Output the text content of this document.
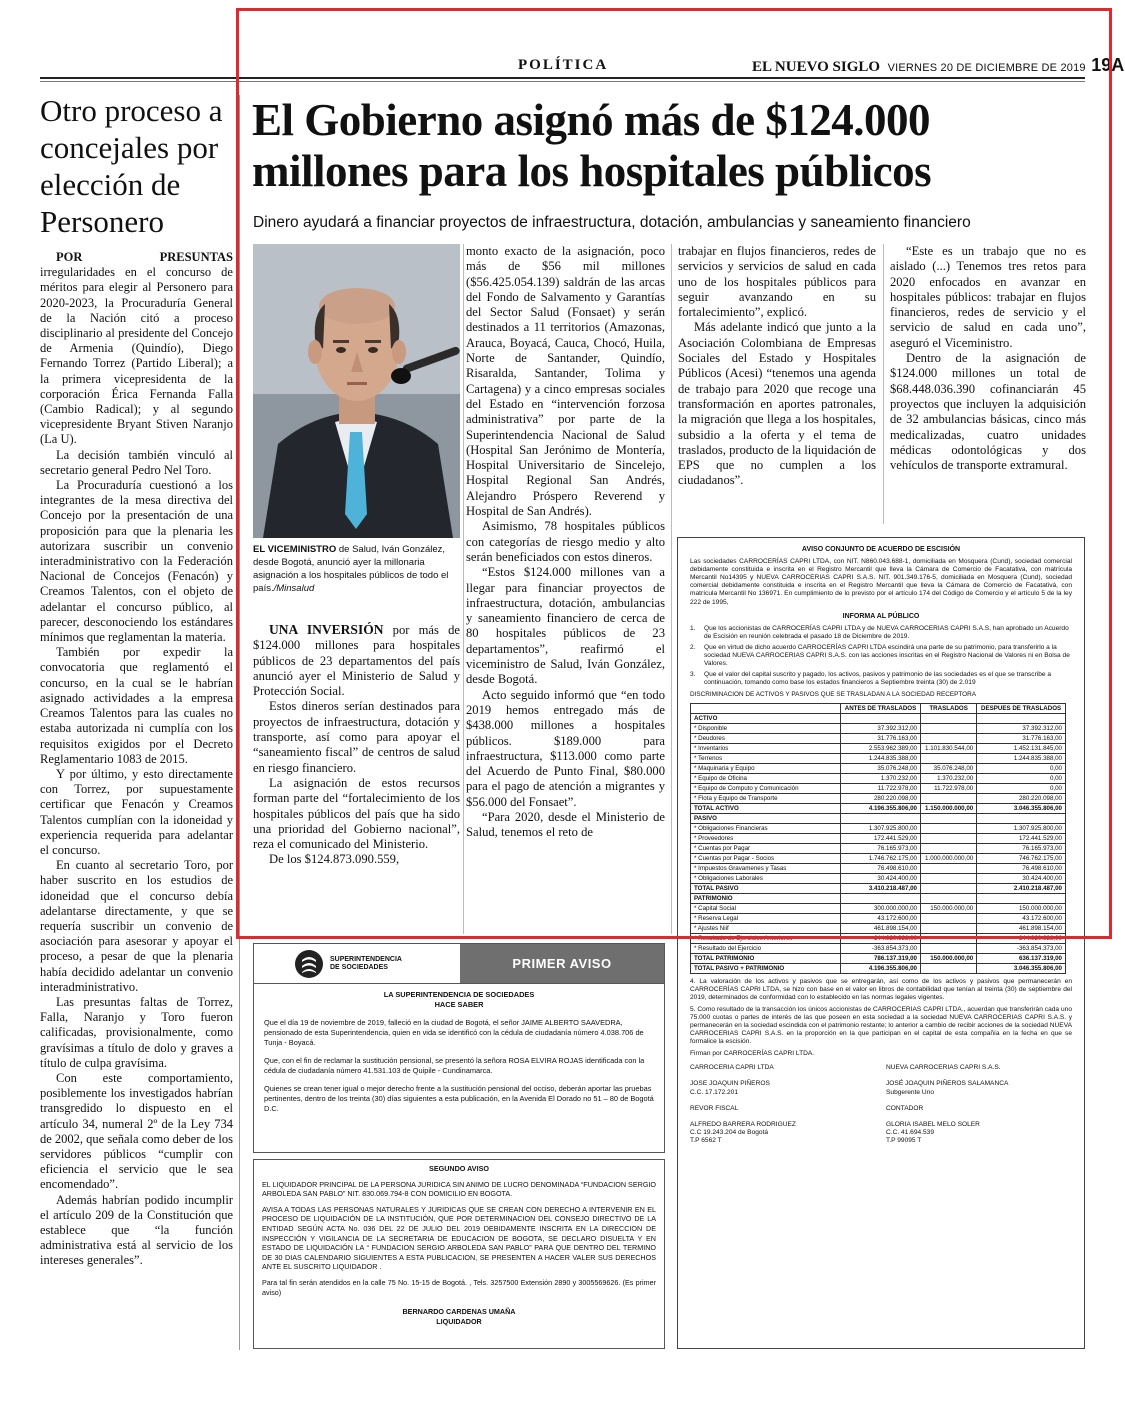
POLÍTICA	EL NUEVO SIGLO VIERNES 20 DE DICIEMBRE DE 2019 19A
Otro proceso a concejales por elección de Personero

POR PRESUNTAS irregularidades en el concurso de méritos para elegir al Personero para 2020-2023, la Procuraduría General de la Nación citó a proceso disciplinario al presidente del Concejo de Armenia (Quindío), Diego Fernando Torrez (Partido Liberal); a la primera vicepresidenta de la corporación Érica Fernanda Falla (Cambio Radical); y al segundo vicepresidente Bryant Stiven Naranjo (La U).

La decisión también vinculó al secretario general Pedro Nel Toro.

La Procuraduría cuestionó a los integrantes de la mesa directiva del Concejo por la presentación de una proposición para que la plenaria les autorizara suscribir un convenio interadministrativo con la Federación Nacional de Concejos (Fenacón) y Creamos Talentos, con el objeto de adelantar el concurso público, al parecer, desconociendo los estándares mínimos que reglamentan la materia.

También por expedir la convocatoria que reglamentó el concurso, en la cual se le habrían asignado actividades a la empresa Creamos Talentos para las cuales no estaba autorizada ni cumplía con los requisitos exigidos por el Decreto Reglamentario 1083 de 2015.

Y por último, y esto directamente con Torrez, por supuestamente certificar que Fenacón y Creamos Talentos cumplían con la idoneidad y experiencia requerida para adelantar el concurso.

En cuanto al secretario Toro, por haber suscrito en los estudios de idoneidad que el concurso debía adelantarse directamente, y que se requería suscribir un convenio de asociación para asesorar y apoyar el proceso, a pesar de que la plenaria había decidido adelantar un convenio interadministrativo.

Las presuntas faltas de Torrez, Falla, Naranjo y Toro fueron calificadas, provisionalmente, como gravísimas a título de dolo y graves a título de culpa gravísima.

Con este comportamiento, posiblemente los investigados habrían transgredido lo dispuesto en el artículo 34, numeral 2º de la Ley 734 de 2002, que señala como deber de los servidores públicos “cumplir con eficiencia el servicio que le sea encomendado”.

Además habrían podido incumplir el artículo 209 de la Constitución que establece que “la función administrativa está al servicio de los intereses generales”.

El Gobierno asignó más de $124.000 millones para los hospitales públicos
Dinero ayudará a financiar proyectos de infraestructura, dotación, ambulancias y saneamiento financiero
EL VICEMINISTRO de Salud, Iván González, desde Bogotá, anunció ayer la millonaria asignación a los hospitales públicos de todo el país./Minsalud

UNA INVERSIÓN por más de $124.000 millones para hospitales públicos de 23 departamentos del país anunció ayer el Ministerio de Salud y Protección Social.

Estos dineros serían destinados para proyectos de infraestructura, dotación y transporte, así como para apoyar el “saneamiento fiscal” de centros de salud en riesgo financiero.

La asignación de estos recursos forman parte del “fortalecimiento de los hospitales públicos del país que ha sido una prioridad del Gobierno nacional”, reza el comunicado del Ministerio.

De los $124.873.090.559,

monto exacto de la asignación, poco más de $56 mil millones ($56.425.054.139) saldrán de las arcas del Fondo de Salvamento y Garantías del Sector Salud (Fonsaet) y serán destinados a 11 territorios (Amazonas, Arauca, Boyacá, Cauca, Chocó, Huila, Norte de Santander, Quindío, Risaralda, Santander, Tolima y Cartagena) y a cinco empresas sociales del Estado en “intervención forzosa administrativa” por parte de la Superintendencia Nacional de Salud (Hospital San Jerónimo de Montería, Hospital Universitario de Sincelejo, Hospital Regional San Andrés, Alejandro Próspero Reverend y Hospital de San Andrés).

Asimismo, 78 hospitales públicos con categorías de riesgo medio y alto serán beneficiados con estos dineros.

“Estos $124.000 millones van a llegar para financiar proyectos de infraestructura, dotación, ambulancias y saneamiento financiero de cerca de 80 hospitales públicos de 23 departamentos”, reafirmó el viceministro de Salud, Iván González, desde Bogotá.

Acto seguido informó que “en todo 2019 hemos entregado más de $438.000 millones a hospitales públicos. $189.000 para infraestructura, $113.000 como parte del Acuerdo de Punto Final, $80.000 para el pago de atención a migrantes y $56.000 del Fonsaet”.

“Para 2020, desde el Ministerio de Salud, tenemos el reto de

trabajar en flujos financieros, redes de servicios y servicios de salud en cada uno de los hospitales públicos para seguir avanzando en su fortalecimiento”, explicó.

Más adelante indicó que junto a la Asociación Colombiana de Empresas Sociales del Estado y Hospitales Públicos (Acesi) “tenemos una agenda de trabajo para 2020 que recoge una transformación en aportes patronales, la migración que llega a los hospitales, subsidio a la oferta y el tema de traslados, producto de la liquidación de EPS que no cumplen a los ciudadanos”.

“Este es un trabajo que no es aislado (...) Tenemos tres retos para 2020 enfocados en avanzar en hospitales públicos: trabajar en flujos financieros, redes de servicio y el servicio de salud en cada uno”, aseguró el Viceministro.

Dentro de la asignación de $124.000 millones un total de $68.448.036.390 cofinanciarán 45 proyectos que incluyen la adquisición de 32 ambulancias básicas, cinco más medicalizadas, cuatro unidades médicas odontológicas y dos vehículos de transporte extramural.

AVISO CONJUNTO DE ACUERDO DE ESCISIÓN
Las sociedades CARROCERÍAS CAPRI LTDA, con NIT. N860.043.688-1, domiciliada en Mosquera (Cund), sociedad comercial debidamente constituida e inscrita en el Registro Mercantil que lleva la Cámara de Comercio de Facatativa, con matrícula Mercantil No14395 y NUEVA CARROCERIAS CAPRI S.A.S. NIT. 901.349.176-5, domiciliada en Mosquera (Cund), sociedad comercial debidamente constituida e inscrita en el Registro Mercantil que lleva la Cámara de Comercio de Facatativá, con matrícula Mercantil No 136971. En cumplimiento de lo previsto por el artículo 174 del Código de Comercio y el artículo 5 de la ley 222 de 1995,
INFORMA AL PÚBLICO
1.	Que los accionistas de CARROCERÍAS CAPRI LTDA y de NUEVA CARROCERIAS CAPRI S.A.S, han aprobado un Acuerdo de Escisión en reunión celebrada el pasado 18 de Diciembre de 2019.
2.	Que en virtud de dicho acuerdo CARROCERÍAS CAPRI LTDA escindirá una parte de su patrimonio, para transferirlo a la sociedad NUEVA CARROCERIAS CAPRI S.A.S. con las acciones inscritas en el Registro Nacional de Valores ni en Bolsa de Valores.
3.	Que el valor del capital suscrito y pagado, los activos, pasivos y patrimonio de las sociedades es el que se transcribe a continuación, tomando como base los estados financieros a Septiembre treinta (30) de 2.019
DISCRIMINACION DE ACTIVOS Y PASIVOS QUE SE TRASLADAN A LA SOCIEDAD RECEPTORA
	ANTES DE TRASLADOS	TRASLADOS	DESPUES DE TRASLADOS
ACTIVO			
* Disponible	37.392.312,00		37.392.312,00
* Deudores	31.776.163,00		31.776.163,00
* Inventarios	2.553.962.389,00	1.101.830.544,00	1.452.131.845,00
* Terrenos	1.244.835.388,00		1.244.835.388,00
* Maquinaria y Equipo	35.076.248,00	35.076.248,00	0,00
* Equipo de Oficina	1.370.232,00	1.370.232,00	0,00
* Equipo de Computo y Comunicación	11.722.978,00	11.722.978,00	0,00
* Flota y Equipo de Transporte	280.220.098,00		280.220.098,00
TOTAL ACTIVO	4.196.355.806,00	1.150.000.000,00	3.046.355.806,00
PASIVO			
* Obligaciones Financieras	1.307.925.800,00		1.307.925.800,00
* Proveedores	172.441.529,00		172.441.529,00
* Cuentas por Pagar	76.165.973,00		76.165.973,00
* Cuentas por Pagar - Socios	1.746.762.175,00	1.000.000.000,00	746.762.175,00
* Impuestos Gravamenes y Tasas	76.498.610,00		76.498.610,00
* Obligaciones Laborales	30.424.400,00		30.424.400,00
TOTAL PASIVO	3.410.218.487,00		2.410.218.487,00
PATRIMONIO			
* Capital Social	300.000.000,00	150.000.000,00	150.000.000,00
* Reserva Legal	43.172.600,00		43.172.600,00
* Ajustes Niif	461.898.154,00		461.898.154,00
* Resultado de Ejercicios Anteriores	344.920.938,00		344.920.938,00
* Resultado del Ejercicio	-363.854.373,00		-363.854.373,00
TOTAL PATRIMONIO	786.137.319,00	150.000.000,00	636.137.319,00
TOTAL PASIVO + PATRIMONIO	4.196.355.806,00		3.046.355.806,00
4. La valoración de los activos y pasivos que se entregarán, así como de los activos y pasivos que permanecerán en CARROCERÍAS CAPRI LTDA, se hizo con base en el valor en libros de contabilidad que tenían al treinta (30) de septiembre del 2019, determinados de conformidad con lo establecido en las normas legales vigentes.
5. Como resultado de la transacción los únicos accionistas de CARROCERIAS CAPRI LTDA., acuerdan que transferirán cada uno 75.000 cuotas o partes de interés de las que poseen en esta sociedad a la sociedad NUEVA CARROCERIAS CAPRI S.A.S. y permanecerán en la sociedad escindida con el patrimonio restante; lo anterior a cambio de recibir acciones de la sociedad NUEVA CARROCERIAS CAPRI S.A.S. en la proporción en la que participan en el capital de esta compañía en la fecha en que se formalice la escisión.
Firman por CARROCERÍAS CAPRI LTDA.
CARROCERIA CAPRI LTDA	NUEVA CARROCERIAS CAPRI S.A.S.
JOSE JOAQUIN PIÑEROS	JOSÉ JOAQUIN PIÑEROS SALAMANCA
C.C. 17.172.201	Subgerente Uno
REVOR FISCAL	CONTADOR
ALFREDO BARRERA RODRIGUEZ	GLORIA ISABEL MELO SOLER
C.C 19.243.204 de Bogotá	C.C. 41.694.539
T.P 6562 T	T.P 99095 T
SUPERINTENDENCIA
DE SOCIEDADES	PRIMER AVISO
LA SUPERINTENDENCIA DE SOCIEDADES
HACE SABER

Que el día 19 de noviembre de 2019, falleció en la ciudad de Bogotá, el señor JAIME ALBERTO SAAVEDRA, pensionado de esta Superintendencia, quien en vida se identificó con la cédula de ciudadanía número 4.038.706 de Tunja - Boyacá.

Que, con el fin de reclamar la sustitución pensional, se presentó la señora ROSA ELVIRA ROJAS identificada con la cédula de ciudadanía número 41.531.103 de Quipile - Cundinamarca.

Quienes se crean tener igual o mejor derecho frente a la sustitución pensional del occiso, deberán aportar las pruebas pertinentes, dentro de los treinta (30) días siguientes a esta publicación, en la Avenida El Dorado no 51 – 80 de Bogotá D.C.

SEGUNDO AVISO

EL LIQUIDADOR PRINCIPAL DE LA PERSONA JURIDICA SIN ANIMO DE LUCRO DENOMINADA “FUNDACION SERGIO ARBOLEDA SAN PABLO” NIT. 830.069.794-8 CON DOMICILIO EN BOGOTA.

AVISA A TODAS LAS PERSONAS NATURALES Y JURIDICAS QUE SE CREAN CON DERECHO A INTERVENIR EN EL PROCESO DE LIQUIDACIÓN DE LA INSTITUCIÓN, QUE POR DETERMINACION DEL CONSEJO DIRECTIVO DE LA ENTIDAD SEGÚN ACTA No. 036 DEL 22 DE JULIO DEL 2019 DEBIDAMENTE INSCRITA EN LA DIRECCION DE INSPECCIÓN Y VIGILANCIA DE LA SECRETARIA DE EDUCACION DE BOGOTA, SE DECLARO DISUELTA Y EN ESTADO DE LIQUIDACIÓN LA “ FUNDACION SERGIO ARBOLEDA SAN PABLO” PARA QUE DENTRO DEL TERMINO DE 30 DIAS CALENDARIO SIGUIENTES A ESTA PUBLICACION, SE PRESENTEN A HACER VALER SUS DERECHOS ANTE EL SUSCRITO LIQUIDADOR .

Para tal fin serán atendidos en la calle 75 No. 15-15 de Bogotá. , Tels. 3257500 Extensión 2890 y 3005569626. (Es primer aviso)

BERNARDO CARDENAS UMAÑA
LIQUIDADOR
